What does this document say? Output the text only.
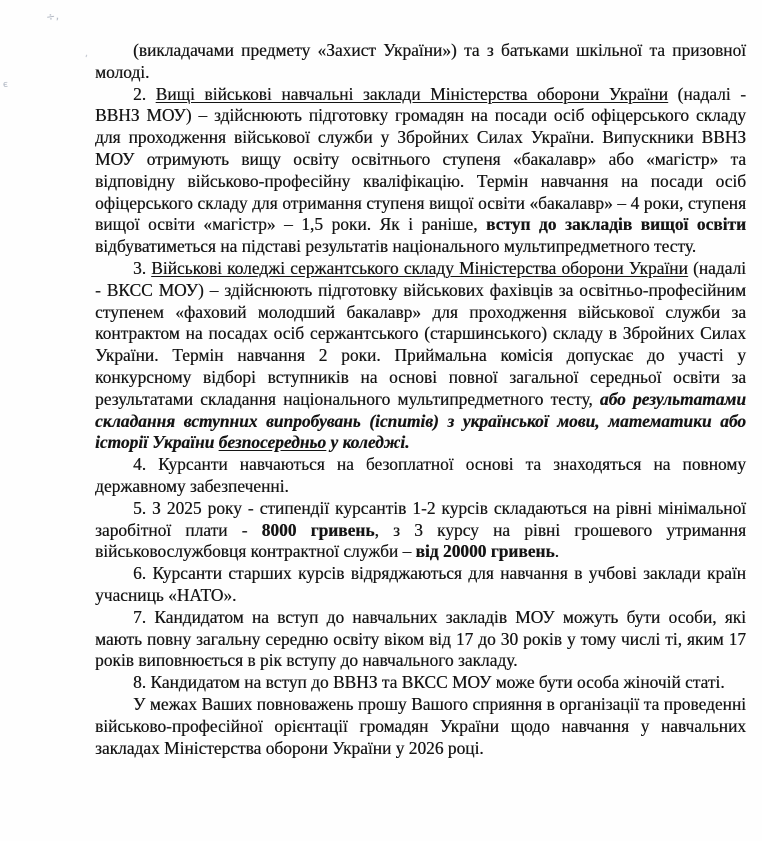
÷,
'
є

(викладачами предмету «Захист України») та з батьками шкільної та призовної молоді.

2. Вищі військові навчальні заклади Міністерства оборони України (надалі - ВВНЗ МОУ) – здійснюють підготовку громадян на посади осіб офіцерського складу для проходження військової служби у Збройних Силах України. Випускники ВВНЗ МОУ отримують вищу освіту освітнього ступеня «бакалавр» або «магістр» та відповідну військово-професійну кваліфікацію. Термін навчання на посади осіб офіцерського складу для отримання ступеня вищої освіти «бакалавр» – 4 роки, ступеня вищої освіти «магістр» – 1,5 роки. Як і раніше, вступ до закладів вищої освіти відбуватиметься на підставі результатів національного мультипредметного тесту.

3. Військові коледжі сержантського складу Міністерства оборони України (надалі - ВКСС МОУ) – здійснюють підготовку військових фахівців за освітньо-професійним ступенем «фаховий молодший бакалавр» для проходження військової служби за контрактом на посадах осіб сержантського (старшинського) складу в Збройних Силах України. Термін навчання 2 роки. Приймальна комісія допускає до участі у конкурсному відборі вступників на основі повної загальної середньої освіти за результатами складання національного мультипредметного тесту, або результатами складання вступних випробувань (іспитів) з української мови, математики або історії України безпосередньо у коледжі.

4. Курсанти навчаються на безоплатної основі та знаходяться на повному державному забезпеченні.

5. З 2025 року - стипендії курсантів 1-2 курсів складаються на рівні мінімальної заробітної плати - 8000 гривень, з 3 курсу на рівні грошевого утримання військовослужбовця контрактної служби – від 20000 гривень.

6. Курсанти старших курсів відряджаються для навчання в учбові заклади країн учасниць «НАТО».

7. Кандидатом на вступ до навчальних закладів МОУ можуть бути особи, які мають повну загальну середню освіту віком від 17 до 30 років у тому числі ті, яким 17 років виповнюється в рік вступу до навчального закладу.

8. Кандидатом на вступ до ВВНЗ та ВКСС МОУ може бути особа жіночій статі.

У межах Ваших повноважень прошу Вашого сприяння в організації та проведенні військово-професійної орієнтації громадян України щодо навчання у навчальних закладах Міністерства оборони України у 2026 році.
